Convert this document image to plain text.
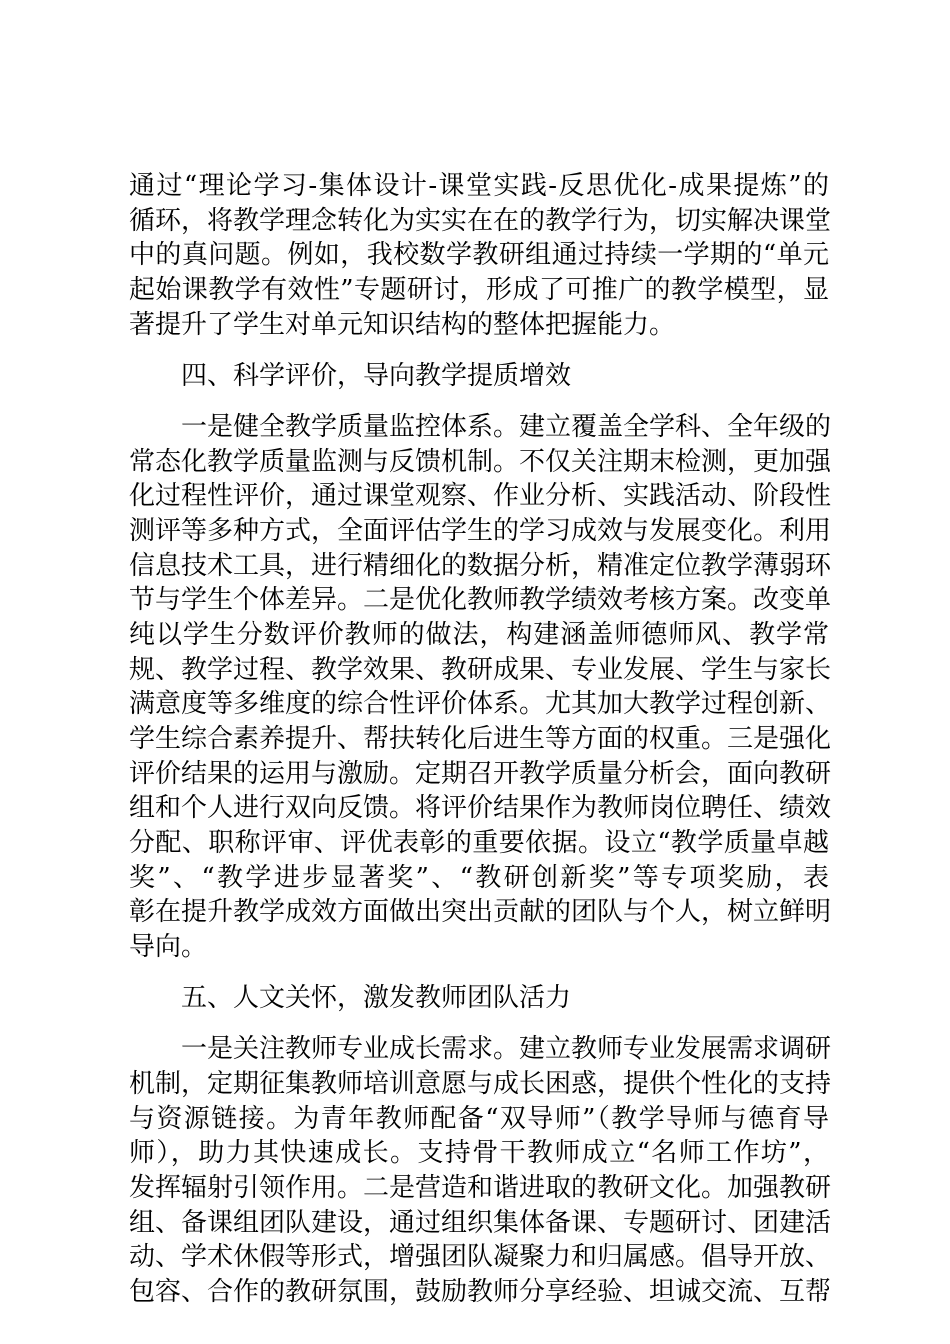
通过“理论学习-集体设计-课堂实践-反思优化-成果提炼”的
循环，将教学理念转化为实实在在的教学行为，切实解决课堂
中的真问题。例如，我校数学教研组通过持续一学期的“单元
起始课教学有效性”专题研讨，形成了可推广的教学模型，显
著提升了学生对单元知识结构的整体把握能力。
　　四、科学评价，导向教学提质增效
　　一是健全教学质量监控体系。建立覆盖全学科、全年级的
常态化教学质量监测与反馈机制。不仅关注期末检测，更加强
化过程性评价，通过课堂观察、作业分析、实践活动、阶段性
测评等多种方式，全面评估学生的学习成效与发展变化。利用
信息技术工具，进行精细化的数据分析，精准定位教学薄弱环
节与学生个体差异。二是优化教师教学绩效考核方案。改变单
纯以学生分数评价教师的做法，构建涵盖师德师风、教学常
规、教学过程、教学效果、教研成果、专业发展、学生与家长
满意度等多维度的综合性评价体系。尤其加大教学过程创新、
学生综合素养提升、帮扶转化后进生等方面的权重。三是强化
评价结果的运用与激励。定期召开教学质量分析会，面向教研
组和个人进行双向反馈。将评价结果作为教师岗位聘任、绩效
分配、职称评审、评优表彰的重要依据。设立“教学质量卓越
奖”、“教学进步显著奖”、“教研创新奖”等专项奖励，表
彰在提升教学成效方面做出突出贡献的团队与个人，树立鲜明
导向。
　　五、人文关怀，激发教师团队活力
　　一是关注教师专业成长需求。建立教师专业发展需求调研
机制，定期征集教师培训意愿与成长困惑，提供个性化的支持
与资源链接。为青年教师配备“双导师”（教学导师与德育导
师），助力其快速成长。支持骨干教师成立“名师工作坊”，
发挥辐射引领作用。二是营造和谐进取的教研文化。加强教研
组、备课组团队建设，通过组织集体备课、专题研讨、团建活
动、学术休假等形式，增强团队凝聚力和归属感。倡导开放、
包容、合作的教研氛围，鼓励教师分享经验、坦诚交流、互帮
